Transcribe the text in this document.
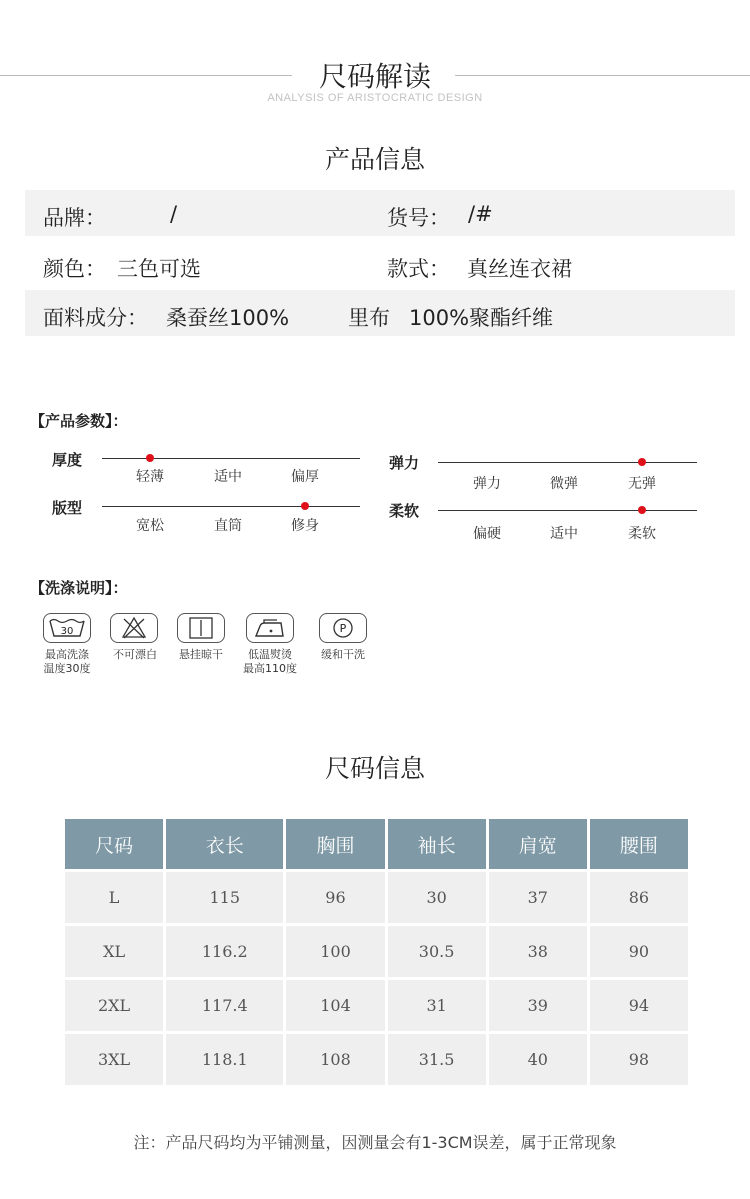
尺码解读
ANALYSIS OF ARISTOCRATIC DESIGN
产品信息
品牌：	/	货号： /#
颜色： 三色可选	款式： 真丝连衣裙
面料成分： 桑蚕丝100%	里布 100%聚酯纤维
【产品参数】：
厚度
轻薄	适中	偏厚
版型
宽松	直筒	修身
弹力
弹力	微弹	无弹
柔软
偏硬	适中	柔软
【洗涤说明】：
30	P
最高洗涤
温度30度
不可漂白	悬挂晾干	低温熨烫
最高110度
缓和干洗
尺码信息
尺码	衣长	胸围	袖长	肩宽	腰围
L	115	96	30	37	86
XL	116.2	100	30.5	38	90
2XL	117.4	104	31	39	94
3XL	118.1	108	31.5	40	98
注：产品尺码均为平铺测量，因测量会有1-3CM误差，属于正常现象
